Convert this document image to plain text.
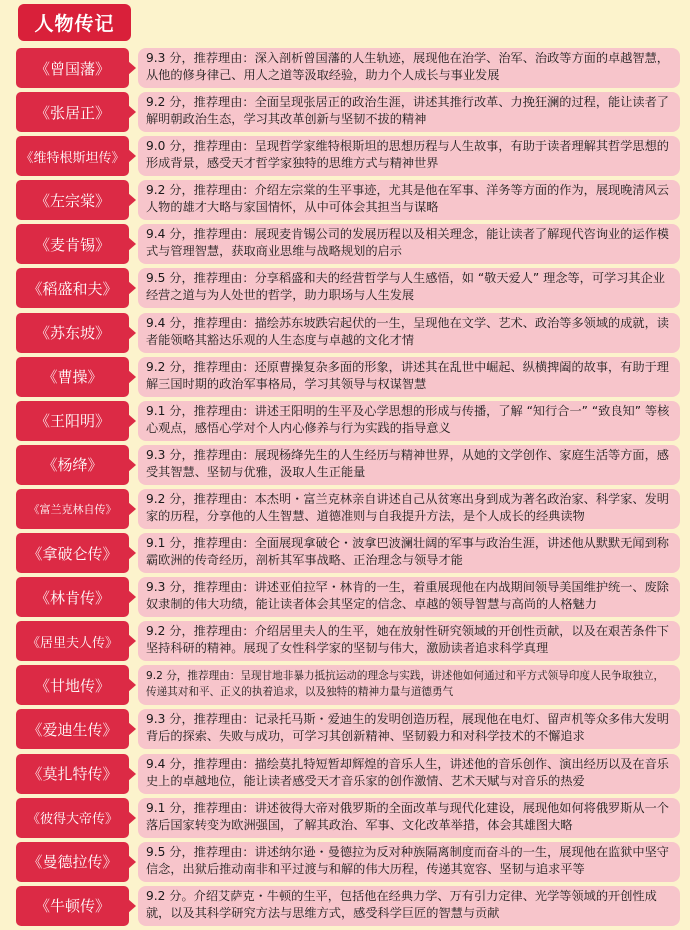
人物传记
《曾国藩》
9.3 分，推荐理由：深入剖析曾国藩的人生轨迹，展现他在治学、治军、治政等方面的卓越智慧，从他的修身律己、用人之道等汲取经验，助力个人成长与事业发展
《张居正》
9.2 分，推荐理由：全面呈现张居正的政治生涯，讲述其推行改革、力挽狂澜的过程，能让读者了解明朝政治生态，学习其改革创新与坚韧不拔的精神
《维特根斯坦传》
9.0 分，推荐理由：呈现哲学家维特根斯坦的思想历程与人生故事，有助于读者理解其哲学思想的形成背景，感受天才哲学家独特的思维方式与精神世界
《左宗棠》
9.2 分，推荐理由：介绍左宗棠的生平事迹，尤其是他在军事、洋务等方面的作为，展现晚清风云人物的雄才大略与家国情怀，从中可体会其担当与谋略
《麦肯锡》
9.4 分，推荐理由：展现麦肯锡公司的发展历程以及相关理念，能让读者了解现代咨询业的运作模式与管理智慧，获取商业思维与战略规划的启示
《稻盛和夫》
9.5 分，推荐理由：分享稻盛和夫的经营哲学与人生感悟，如 “敬天爱人” 理念等，可学习其企业经营之道与为人处世的哲学，助力职场与人生发展
《苏东坡》
9.4 分，推荐理由：描绘苏东坡跌宕起伏的一生，呈现他在文学、艺术、政治等多领域的成就，读者能领略其豁达乐观的人生态度与卓越的文化才情
《曹操》
9.2 分，推荐理由：还原曹操复杂多面的形象，讲述其在乱世中崛起、纵横捭阖的故事，有助于理解三国时期的政治军事格局，学习其领导与权谋智慧
《王阳明》
9.1 分，推荐理由：讲述王阳明的生平及心学思想的形成与传播，了解 “知行合一” “致良知” 等核心观点，感悟心学对个人内心修养与行为实践的指导意义
《杨绛》
9.3 分，推荐理由：展现杨绛先生的人生经历与精神世界，从她的文学创作、家庭生活等方面，感受其智慧、坚韧与优雅，汲取人生正能量
《富兰克林自传》
9.2 分，推荐理由：本杰明・富兰克林亲自讲述自己从贫寒出身到成为著名政治家、科学家、发明家的历程，分享他的人生智慧、道德准则与自我提升方法，是个人成长的经典读物
《拿破仑传》
9.1 分，推荐理由：全面展现拿破仑・波拿巴波澜壮阔的军事与政治生涯，讲述他从默默无闻到称霸欧洲的传奇经历，剖析其军事战略、正治理念与领导才能
《林肯传》
9.3 分，推荐理由：讲述亚伯拉罕・林肯的一生，着重展现他在内战期间领导美国维护统一、废除奴隶制的伟大功绩，能让读者体会其坚定的信念、卓越的领导智慧与高尚的人格魅力
《居里夫人传》
9.2 分，推荐理由：介绍居里夫人的生平，她在放射性研究领域的开创性贡献，以及在艰苦条件下坚持科研的精神。展现了女性科学家的坚韧与伟大，激励读者追求科学真理
《甘地传》
9.2 分，推荐理由：呈现甘地非暴力抵抗运动的理念与实践，讲述他如何通过和平方式领导印度人民争取独立，传递其对和平、正义的执着追求，以及独特的精神力量与道德勇气
《爱迪生传》
9.3 分，推荐理由：记录托马斯・爱迪生的发明创造历程，展现他在电灯、留声机等众多伟大发明背后的探索、失败与成功，可学习其创新精神、坚韧毅力和对科学技术的不懈追求
《莫扎特传》
9.4 分，推荐理由：描绘莫扎特短暂却辉煌的音乐人生，讲述他的音乐创作、演出经历以及在音乐史上的卓越地位，能让读者感受天才音乐家的创作激情、艺术天赋与对音乐的热爱
《彼得大帝传》
9.1 分，推荐理由：讲述彼得大帝对俄罗斯的全面改革与现代化建设，展现他如何将俄罗斯从一个落后国家转变为欧洲强国，了解其政治、军事、文化改革举措，体会其雄图大略
《曼德拉传》
9.5 分，推荐理由：讲述纳尔逊・曼德拉为反对种族隔离制度而奋斗的一生，展现他在监狱中坚守信念，出狱后推动南非和平过渡与和解的伟大历程，传递其宽容、坚韧与追求平等
《牛顿传》
9.2 分。介绍艾萨克・牛顿的生平，包括他在经典力学、万有引力定律、光学等领域的开创性成就，以及其科学研究方法与思维方式，感受科学巨匠的智慧与贡献
